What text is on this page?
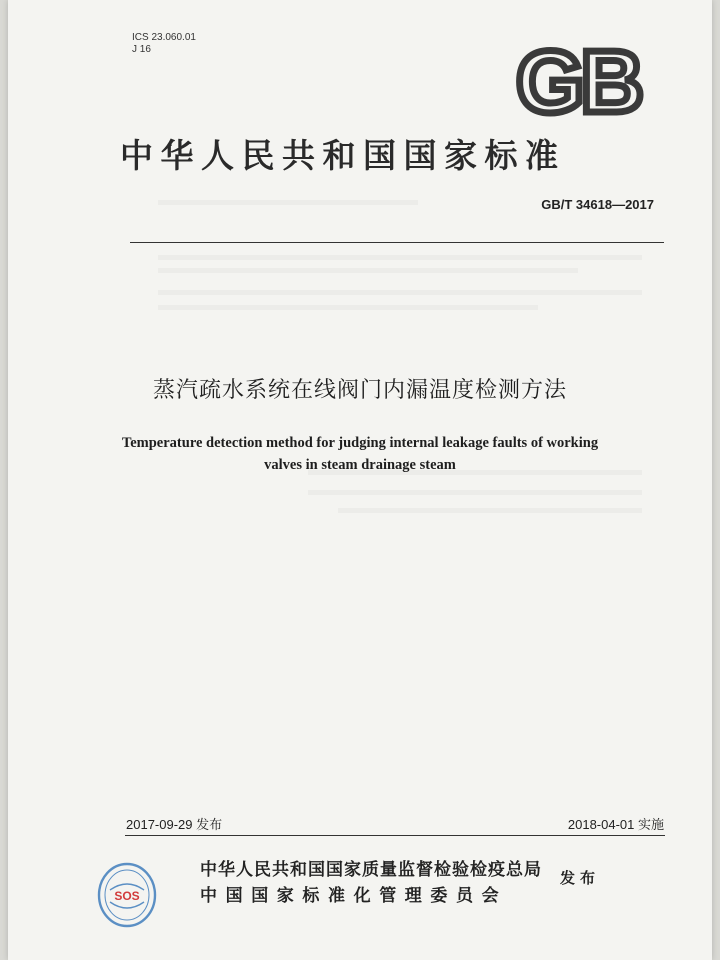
ICS 23.060.01
J 16	GB
中华人民共和国国家标准
GB/T 34618—2017
蒸汽疏水系统在线阀门内漏温度检测方法
Temperature detection method for judging internal leakage faults of working
valves in steam drainage steam
2017-09-29 发布	2018-04-01 实施
SOS
中华人民共和国国家质量监督检验检疫总局
中国国家标准化管理委员会
发布
